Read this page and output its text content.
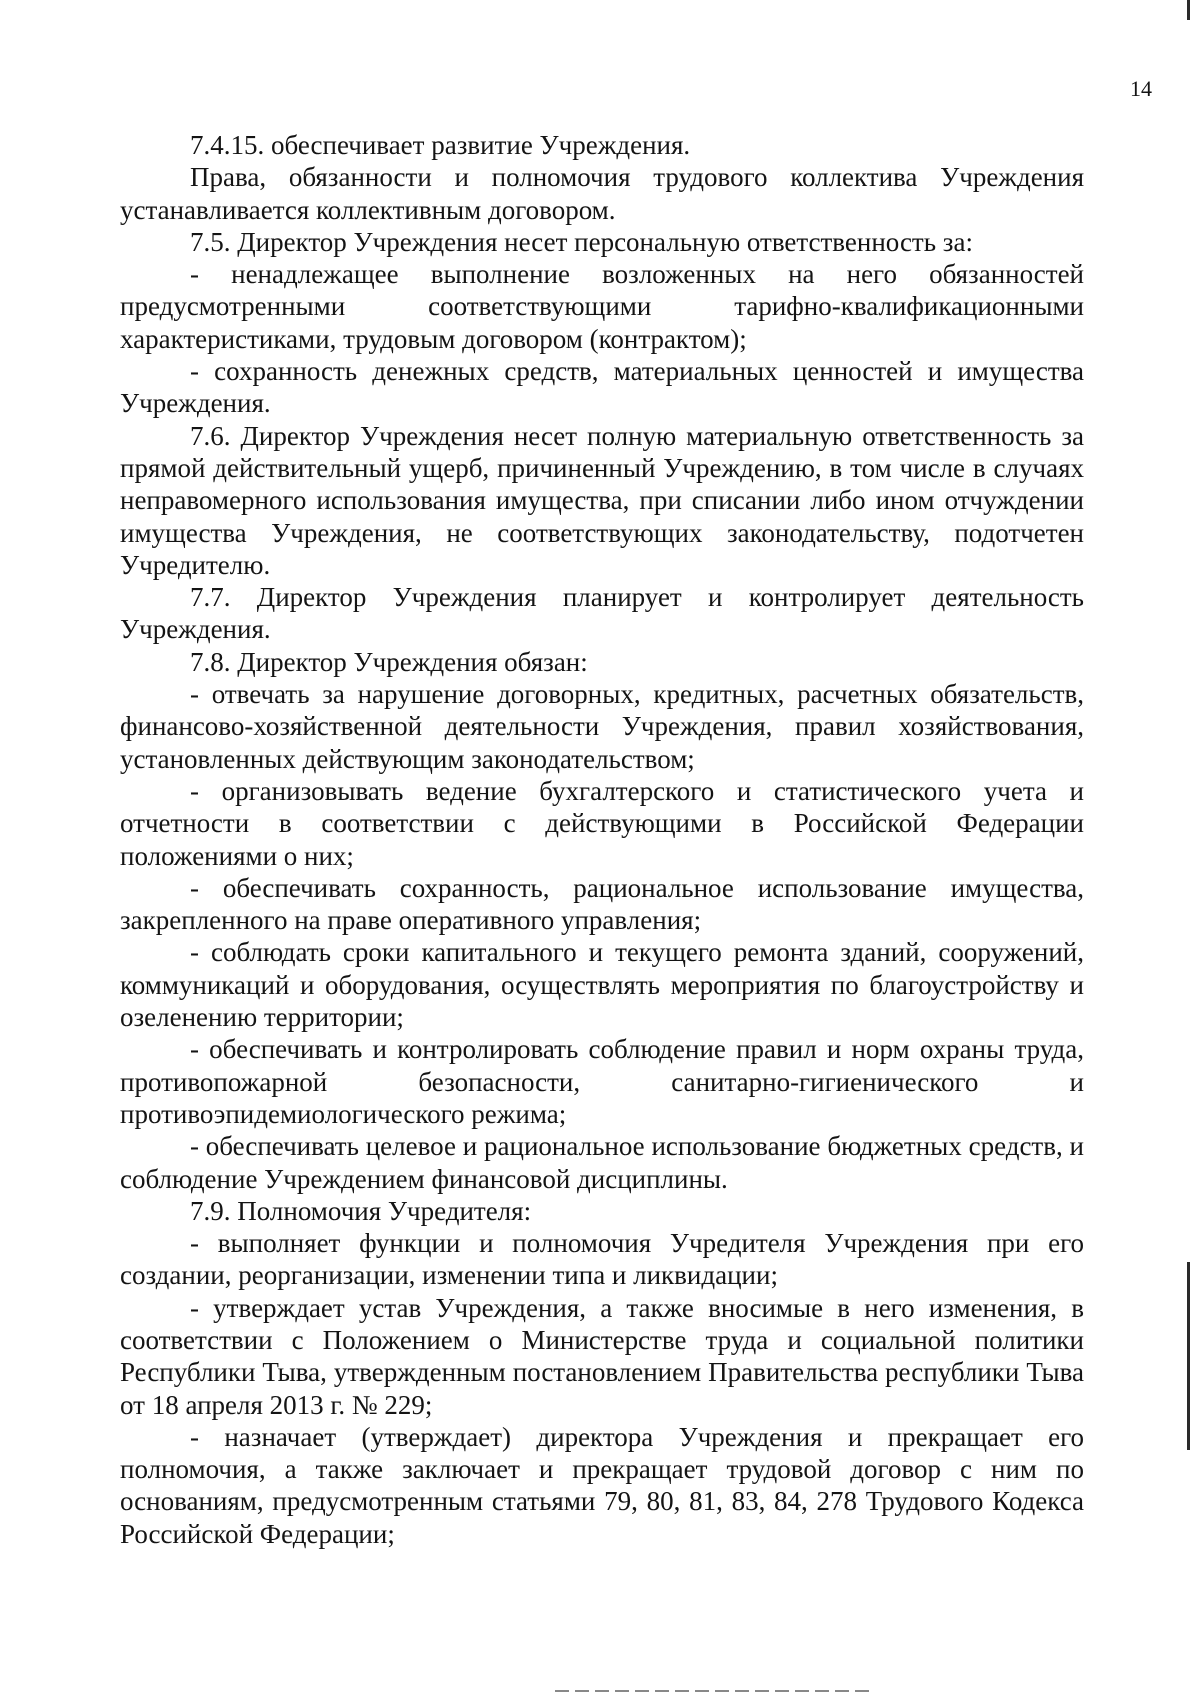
14

7.4.15. обеспечивает развитие Учреждения.

Права, обязанности и полномочия трудового коллектива Учреждения устанавливается коллективным договором.

7.5. Директор Учреждения несет персональную ответственность за:

- ненадлежащее выполнение возложенных на него обязанностей предусмотренными соответствующими тарифно-квалификационными характеристиками, трудовым договором (контрактом);

- сохранность денежных средств, материальных ценностей и имущества Учреждения.

7.6. Директор Учреждения несет полную материальную ответственность за прямой действительный ущерб, причиненный Учреждению, в том числе в случаях неправомерного использования имущества, при списании либо ином отчуждении имущества Учреждения, не соответствующих законодательству, подотчетен Учредителю.

7.7. Директор Учреждения планирует и контролирует деятельность Учреждения.

7.8. Директор Учреждения обязан:

- отвечать за нарушение договорных, кредитных, расчетных обязательств, финансово-хозяйственной деятельности Учреждения, правил хозяйствования, установленных действующим законодательством;

- организовывать ведение бухгалтерского и статистического учета и отчетности в соответствии с действующими в Российской Федерации положениями о них;

- обеспечивать сохранность, рациональное использование имущества, закрепленного на праве оперативного управления;

- соблюдать сроки капитального и текущего ремонта зданий, сооружений, коммуникаций и оборудования, осуществлять мероприятия по благоустройству и озеленению территории;

- обеспечивать и контролировать соблюдение правил и норм охраны труда, противопожарной безопасности, санитарно-гигиенического и противоэпидемиологического режима;

- обеспечивать целевое и рациональное использование бюджетных средств, и соблюдение Учреждением финансовой дисциплины.

7.9. Полномочия Учредителя:

- выполняет функции и полномочия Учредителя Учреждения при его создании, реорганизации, изменении типа и ликвидации;

- утверждает устав Учреждения, а также вносимые в него изменения, в соответствии с Положением о Министерстве труда и социальной политики Республики Тыва, утвержденным постановлением Правительства республики Тыва от 18 апреля 2013 г. № 229;

- назначает (утверждает) директора Учреждения и прекращает его полномочия, а также заключает и прекращает трудовой договор с ним по основаниям, предусмотренным статьями 79, 80, 81, 83, 84, 278 Трудового Кодекса Российской Федерации;
